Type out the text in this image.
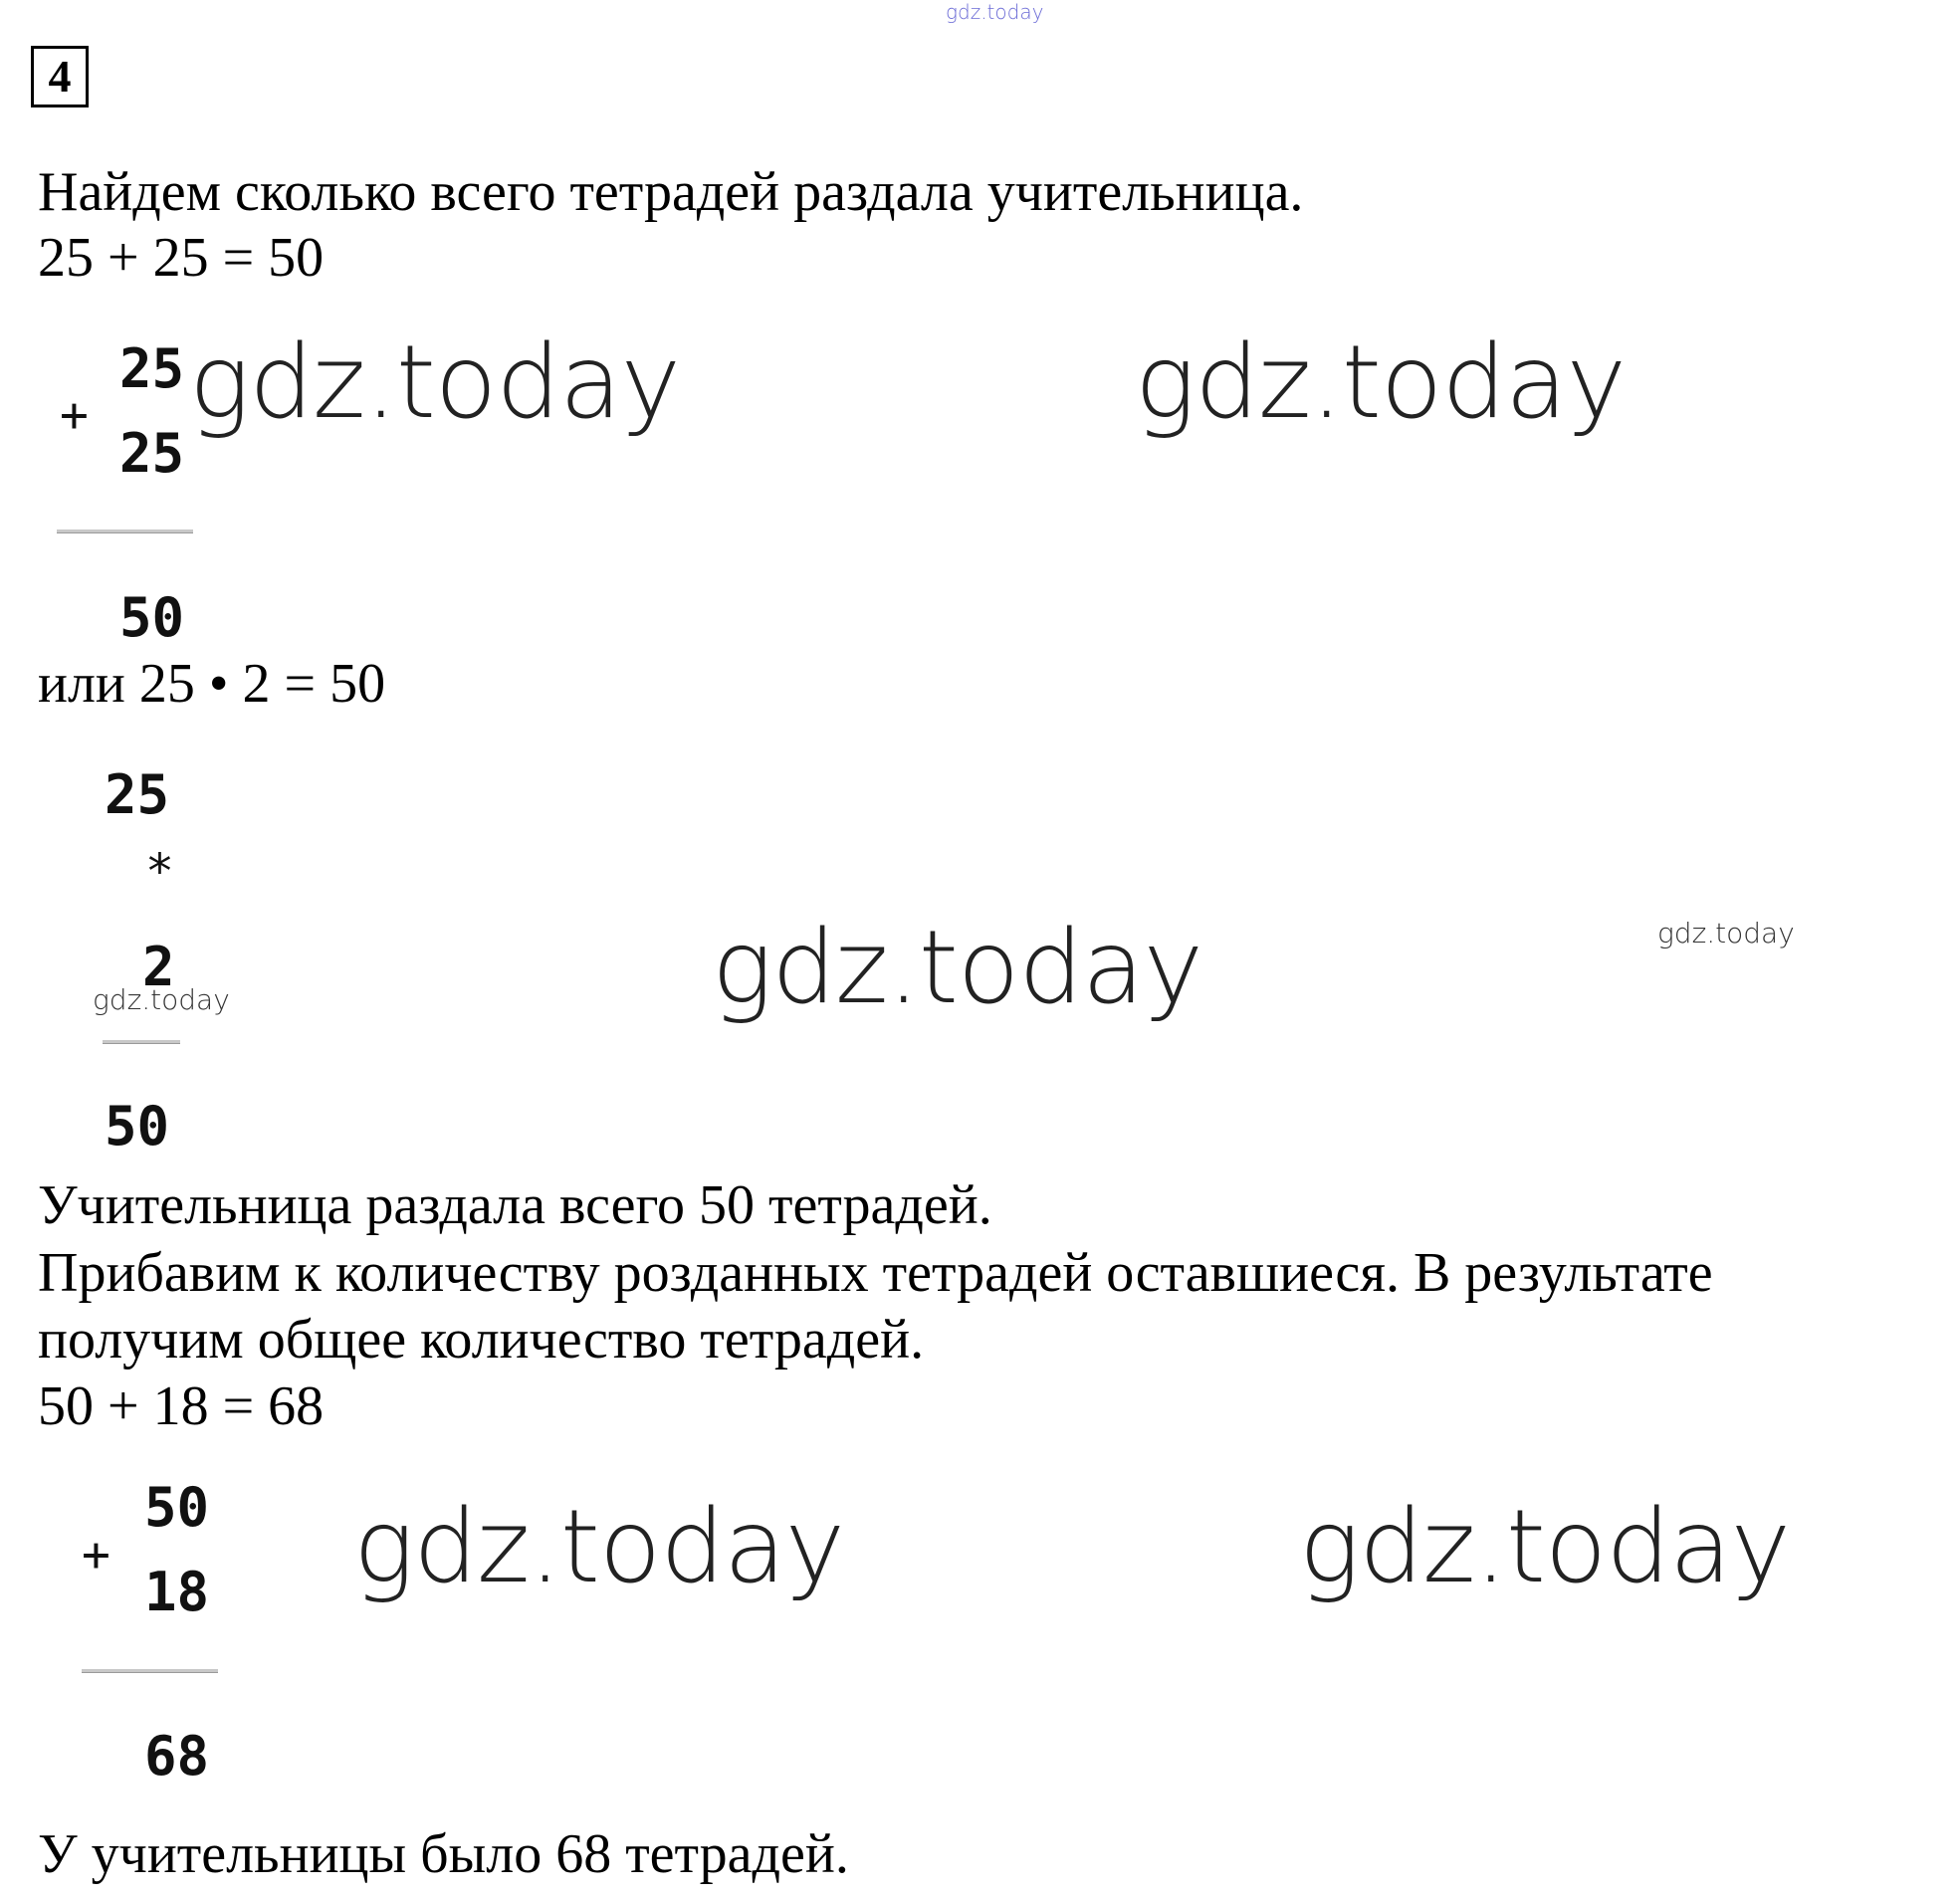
gdz.today
4
Найдем сколько всего тетрадей раздала учительница.
25 + 25 = 50
+
25
25
50
gdz.today	gdz.today
или 25 • 2 = 50
25
*
2
50
gdz.today	gdz.today	gdz.today
Учительница раздала всего 50 тетрадей.
Прибавим к количеству розданных тетрадей оставшиеся. В результате
получим общее количество тетрадей.
50 + 18 = 68
+
50
18
68
gdz.today	gdz.today
У учительницы было 68 тетрадей.
